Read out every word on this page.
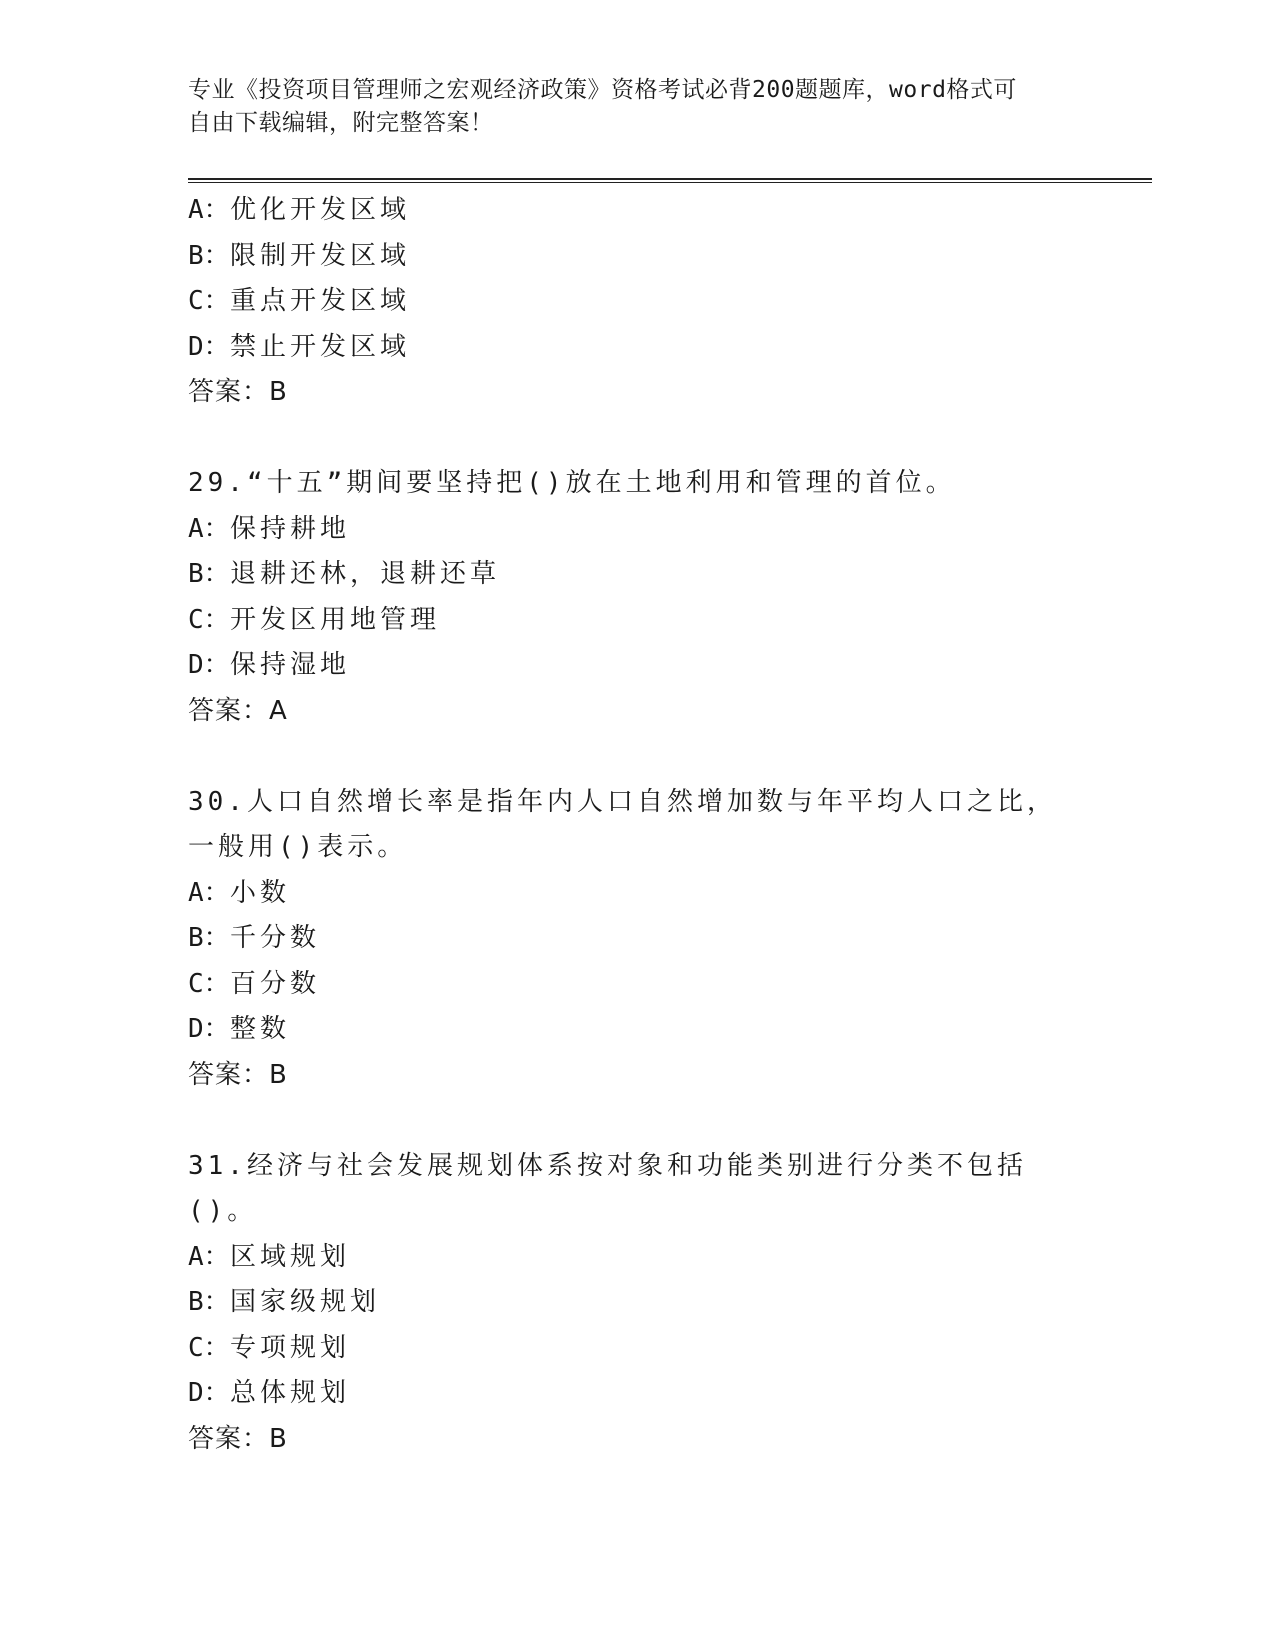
专业《投资项目管理师之宏观经济政策》资格考试必背200题题库，word格式可
自由下载编辑，附完整答案！
A：优化开发区域
B：限制开发区域
C：重点开发区域
D：禁止开发区域
答案：B
29.“十五”期间要坚持把()放在土地利用和管理的首位。
A：保持耕地
B：退耕还林，退耕还草
C：开发区用地管理
D：保持湿地
答案：A
30.人口自然增长率是指年内人口自然增加数与年平均人口之比，一般用()表示。
A：小数
B：千分数
C：百分数
D：整数
答案：B
31.经济与社会发展规划体系按对象和功能类别进行分类不包括()。
A：区域规划
B：国家级规划
C：专项规划
D：总体规划
答案：B
